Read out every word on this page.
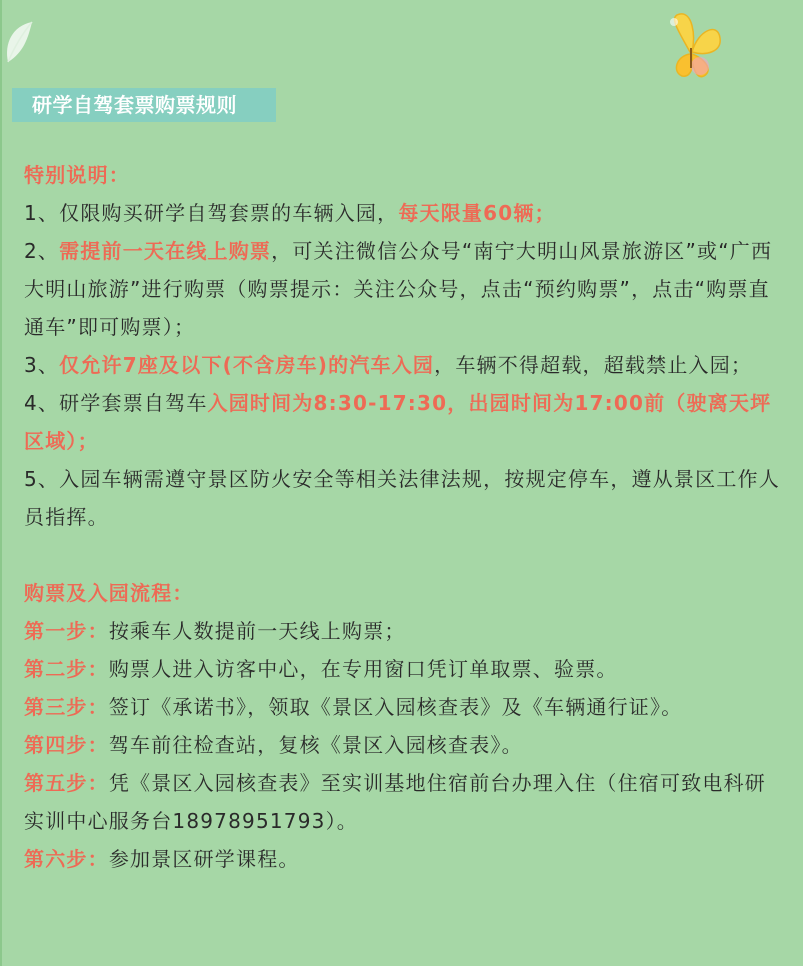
研学自驾套票购票规则

特别说明：

1、仅限购买研学自驾套票的车辆入园，每天限量60辆；

2、需提前一天在线上购票，可关注微信公众号“南宁大明山风景旅游区”或“广西大明山旅游”进行购票（购票提示：关注公众号，点击“预约购票”，点击“购票直通车”即可购票）；

3、仅允许7座及以下(不含房车)的汽车入园，车辆不得超载，超载禁止入园；

4、研学套票自驾车入园时间为8:30-17:30，出园时间为17:00前（驶离天坪区域）；

5、入园车辆需遵守景区防火安全等相关法律法规，按规定停车，遵从景区工作人员指挥。

购票及入园流程：

第一步：按乘车人数提前一天线上购票；

第二步：购票人进入访客中心，在专用窗口凭订单取票、验票。

第三步：签订《承诺书》，领取《景区入园核查表》及《车辆通行证》。

第四步：驾车前往检查站，复核《景区入园核查表》。

第五步：凭《景区入园核查表》至实训基地住宿前台办理入住（住宿可致电科研实训中心服务台18978951793）。

第六步：参加景区研学课程。
